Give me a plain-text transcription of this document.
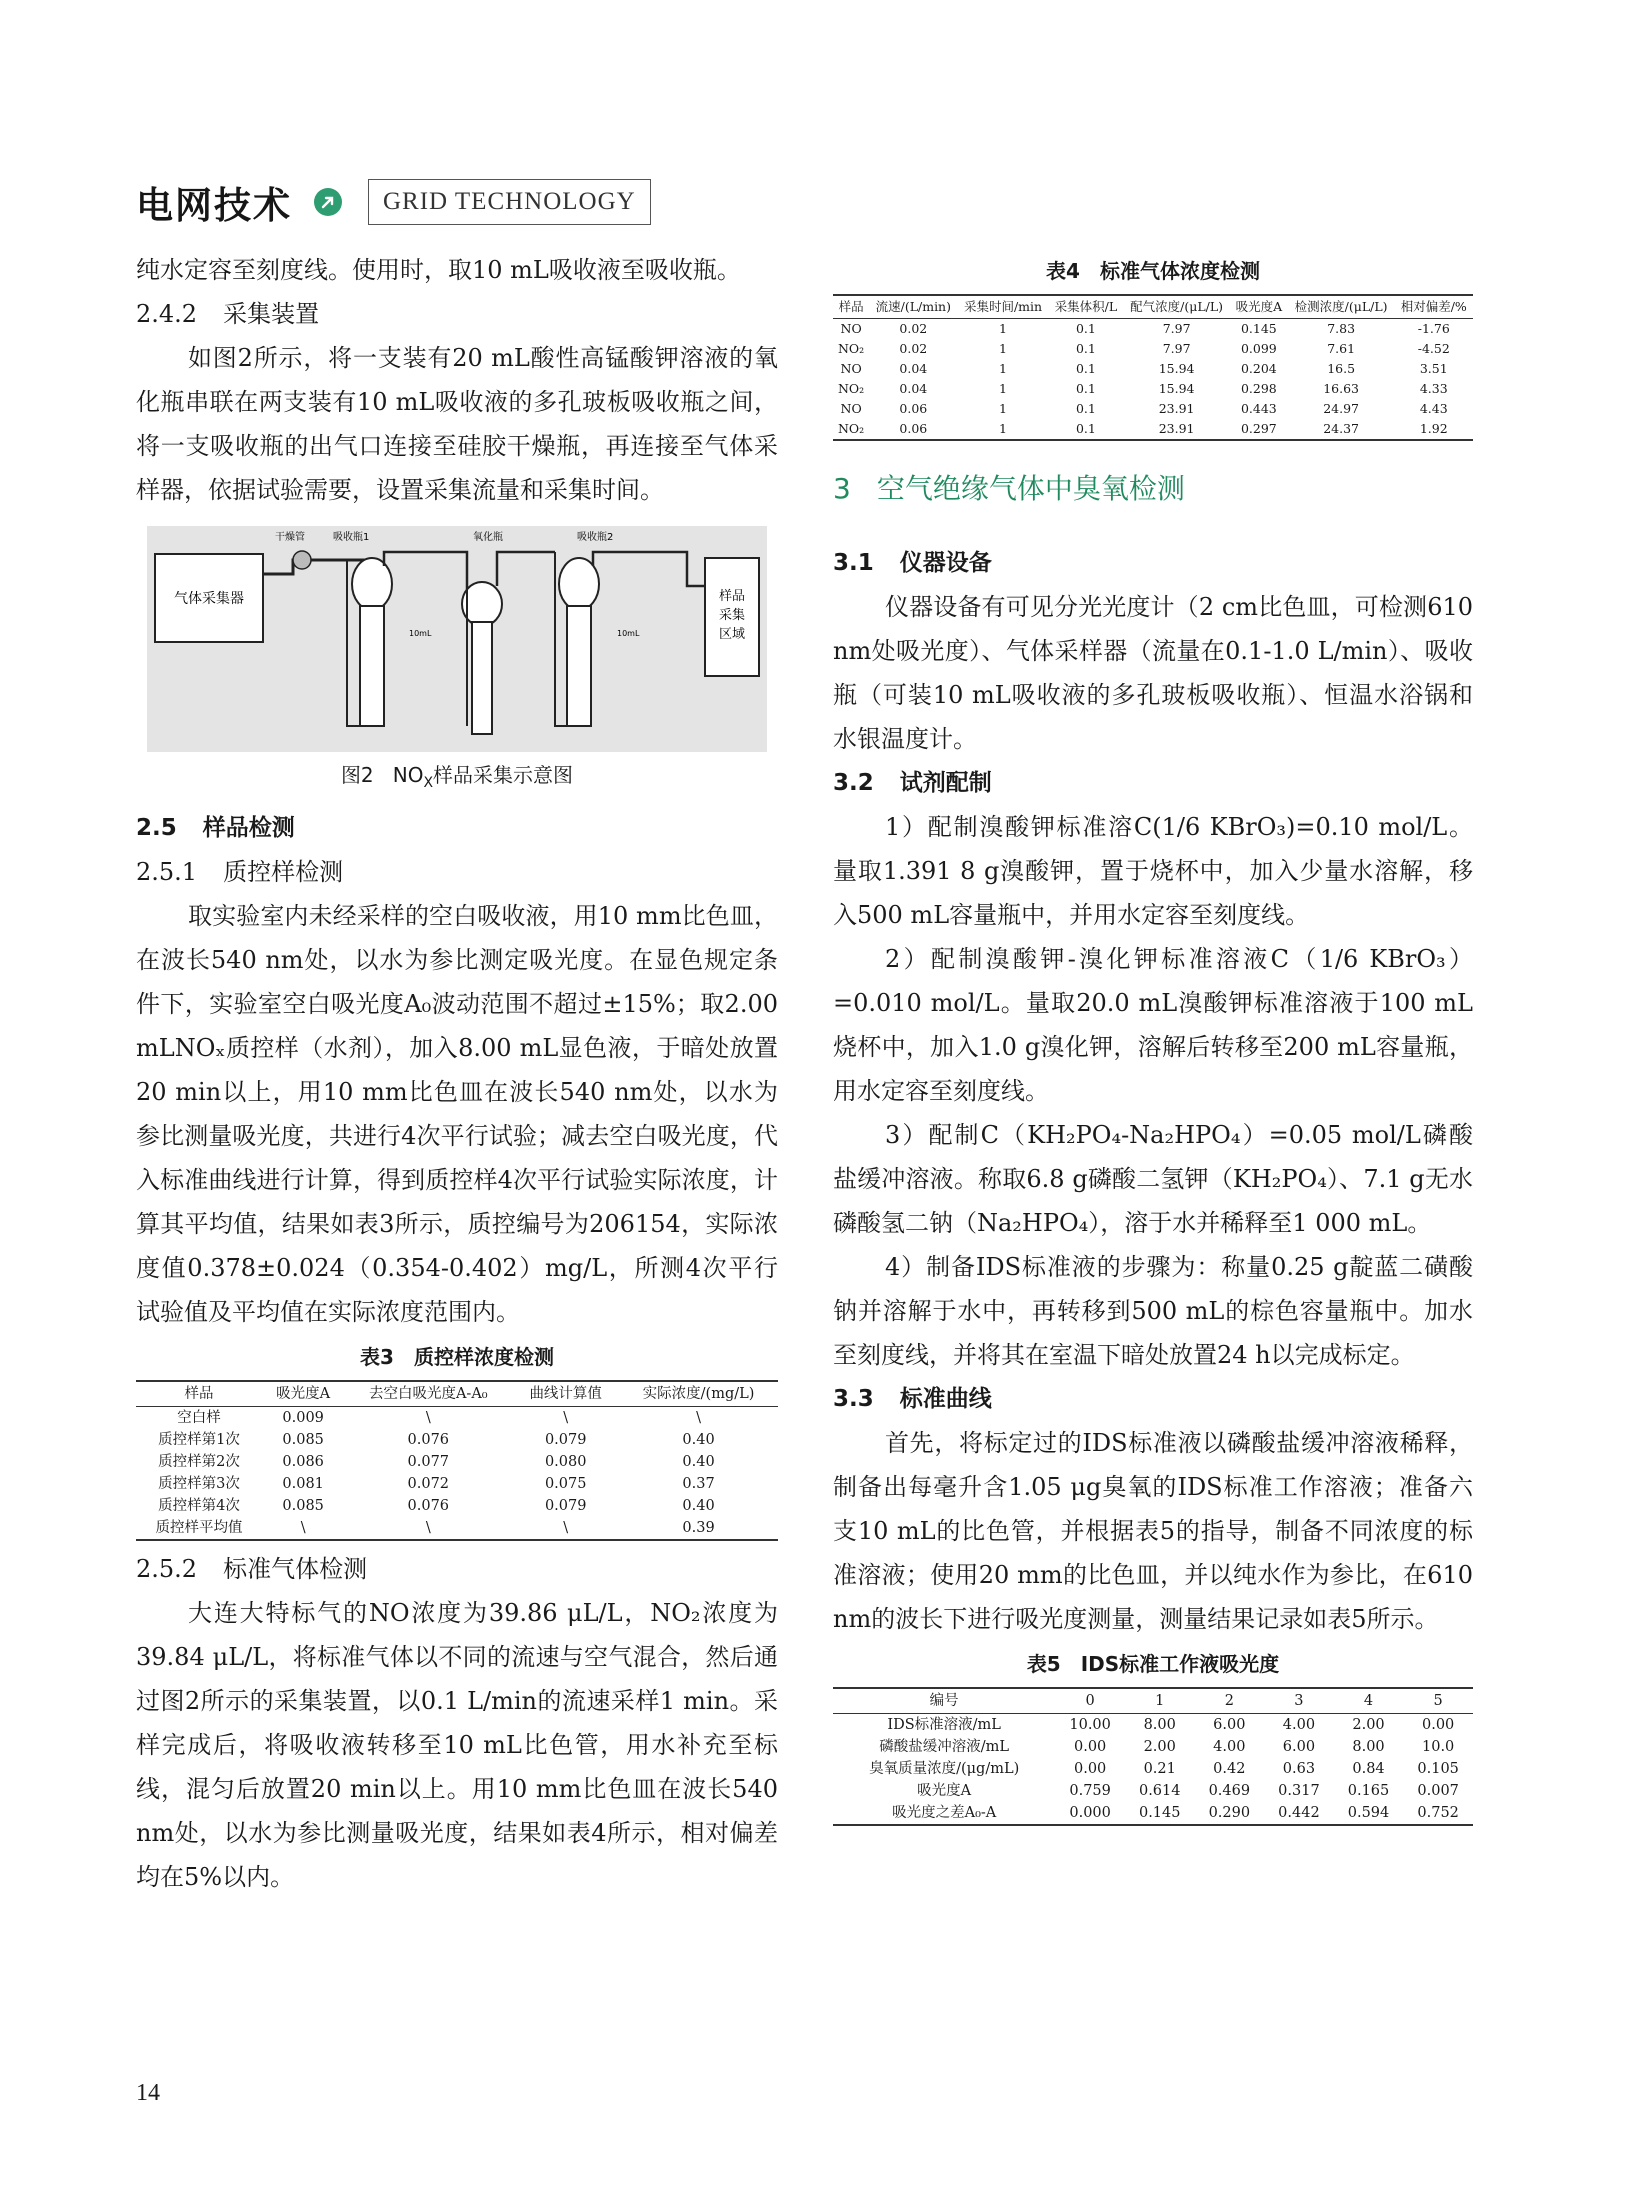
电网技术	GRID TECHNOLOGY

纯水定容至刻度线。使用时，取10 mL吸收液至吸收瓶。

2.4.2 采集装置

如图2所示，将一支装有20 mL酸性高锰酸钾溶液的氧化瓶串联在两支装有10 mL吸收液的多孔玻板吸收瓶之间，将一支吸收瓶的出气口连接至硅胶干燥瓶，再连接至气体采样器，依据试验需要，设置采集流量和采集时间。

气体采集器	样品
采集
区域
干燥管	吸收瓶1	氧化瓶	吸收瓶2
10mL	10mL

图2 $NO_X$样品采集示意图

2.5 样品检测

2.5.1 质控样检测

取实验室内未经采样的空白吸收液，用10 mm比色皿，在波长540 nm处，以水为参比测定吸光度。在显色规定条件下，实验室空白吸光度A₀波动范围不超过±15%；取2.00 mLNOₓ质控样（水剂），加入8.00 mL显色液，于暗处放置20 min以上，用10 mm比色皿在波长540 nm处，以水为参比测量吸光度，共进行4次平行试验；减去空白吸光度，代入标准曲线进行计算，得到质控样4次平行试验实际浓度，计算其平均值，结果如表3所示，质控编号为206154，实际浓度值0.378±0.024（0.354-0.402）mg/L，所测4次平行试验值及平均值在实际浓度范围内。

表3　质控样浓度检测

样品	吸光度A	去空白吸光度A-A₀	曲线计算值	实际浓度/(mg/L)
空白样	0.009	\	\	\
质控样第1次	0.085	0.076	0.079	0.40
质控样第2次	0.086	0.077	0.080	0.40
质控样第3次	0.081	0.072	0.075	0.37
质控样第4次	0.085	0.076	0.079	0.40
质控样平均值	\	\	\	0.39

2.5.2 标准气体检测

大连大特标气的NO浓度为39.86 μL/L，NO₂浓度为39.84 μL/L，将标准气体以不同的流速与空气混合，然后通过图2所示的采集装置，以0.1 L/min的流速采样1 min。采样完成后，将吸收液转移至10 mL比色管，用水补充至标线，混匀后放置20 min以上。用10 mm比色皿在波长540 nm处，以水为参比测量吸光度，结果如表4所示，相对偏差均在5%以内。

表4　标准气体浓度检测

样品	流速/(L/min)	采集时间/min	采集体积/L	配气浓度/(μL/L)	吸光度A	检测浓度/(μL/L)	相对偏差/%
NO	0.02	1	0.1	7.97	0.145	7.83	-1.76
NO₂	0.02	1	0.1	7.97	0.099	7.61	-4.52
NO	0.04	1	0.1	15.94	0.204	16.5	3.51
NO₂	0.04	1	0.1	15.94	0.298	16.63	4.33
NO	0.06	1	0.1	23.91	0.443	24.97	4.43
NO₂	0.06	1	0.1	23.91	0.297	24.37	1.92

3 空气绝缘气体中臭氧检测

3.1 仪器设备

仪器设备有可见分光光度计（2 cm比色皿，可检测610 nm处吸光度）、气体采样器（流量在0.1-1.0 L/min）、吸收瓶（可装10 mL吸收液的多孔玻板吸收瓶）、恒温水浴锅和水银温度计。

3.2 试剂配制

1）配制溴酸钾标准溶C(1/6 KBrO₃)=0.10 mol/L。量取1.391 8 g溴酸钾，置于烧杯中，加入少量水溶解，移入500 mL容量瓶中，并用水定容至刻度线。

2）配制溴酸钾-溴化钾标准溶液C（1/6 KBrO₃）=0.010 mol/L。量取20.0 mL溴酸钾标准溶液于100 mL烧杯中，加入1.0 g溴化钾，溶解后转移至200 mL容量瓶，用水定容至刻度线。

3）配制C（KH₂PO₄-Na₂HPO₄）=0.05 mol/L磷酸盐缓冲溶液。称取6.8 g磷酸二氢钾（KH₂PO₄）、7.1 g无水磷酸氢二钠（Na₂HPO₄），溶于水并稀释至1 000 mL。

4）制备IDS标准液的步骤为：称量0.25 g靛蓝二磺酸钠并溶解于水中，再转移到500 mL的棕色容量瓶中。加水至刻度线，并将其在室温下暗处放置24 h以完成标定。

3.3 标准曲线

首先，将标定过的IDS标准液以磷酸盐缓冲溶液稀释，制备出每毫升含1.05 μg臭氧的IDS标准工作溶液；准备六支10 mL的比色管，并根据表5的指导，制备不同浓度的标准溶液；使用20 mm的比色皿，并以纯水作为参比，在610 nm的波长下进行吸光度测量，测量结果记录如表5所示。

表5　IDS标准工作液吸光度

编号	0	1	2	3	4	5
IDS标准溶液/mL	10.00	8.00	6.00	4.00	2.00	0.00
磷酸盐缓冲溶液/mL	0.00	2.00	4.00	6.00	8.00	10.0
臭氧质量浓度/(μg/mL)	0.00	0.21	0.42	0.63	0.84	0.105
吸光度A	0.759	0.614	0.469	0.317	0.165	0.007
吸光度之差A₀-A	0.000	0.145	0.290	0.442	0.594	0.752
14
